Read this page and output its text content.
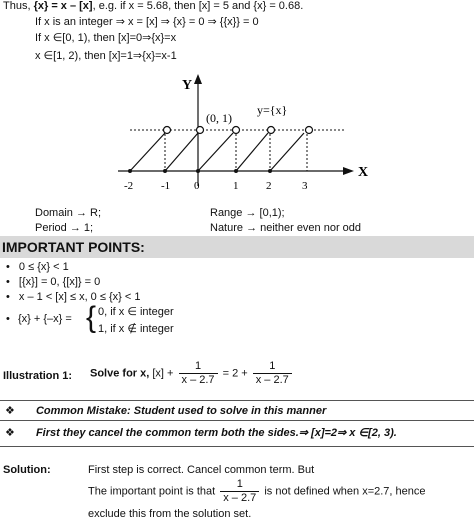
Thus, {x} = x – [x], e.g. if x = 5.68, then [x] = 5 and {x} = 0.68.
If x is an integer ⇒ x = [x] ⇒ {x} = 0 ⇒ {{x}} = 0
If x ∈[0, 1), then [x]=0⇒{x}=x
x ∈[1, 2), then [x]=1⇒{x}=x-1
Y
X
(0, 1)
y={x}
0
-2	-1	1	2	3
Domain → R;	Range → [0,1);
Period → 1;	Nature → neither even nor odd
IMPORTANT POINTS:
• 0 ≤ {x} < 1
• [{x}] = 0, {[x]} = 0
• x – 1 < [x] ≤ x, 0 ≤ {x} < 1
• {x} + {–x} = { 0, if x ∈ integer
1, if x ∉ integer
Illustration 1: Solve for x, $[x] + \frac{1}{x - 2.7} = 2 + \frac{1}{x - 2.7}$
❖ Common Mistake: Student used to solve in this manner
❖ First they cancel the common term both the sides.⇒ [x]=2⇒ x ∈[2, 3).
Solution:	First step is correct. Cancel common term. But
The important point is that $\frac{1}{x - 2.7}$ is not defined when x=2.7, hence
exclude this from the solution set.
